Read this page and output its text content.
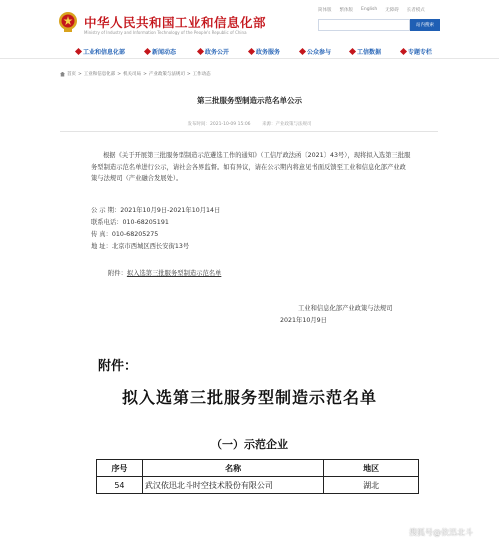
中华人民共和国工业和信息化部
Ministry of Industry and Information Technology of the People's Republic of China
简体版 繁体版 English 无障碍 长者模式
站内搜索
工业和信息化部	新闻动态	政务公开	政务服务	公众参与	工信数据	专题专栏
首页 > 工业和信息化部 > 机关司局 > 产业政策与法规司 > 工作动态
第三批服务型制造示范名单公示
发布时间：2021-10-09 15:06	来源：产业政策与法规司
根据《关于开展第三批服务型制造示范遴选工作的通知》（工信厅政法函〔2021〕43号），现将拟入选第三批服务型制造示范名单进行公示，请社会各界监督。如有异议，请在公示期内将意见书面反馈至工业和信息化部产业政策与法规司（产业融合发展处）。
公 示 期：2021年10月9日-2021年10月14日
联系电话：010-68205191
传 真：010-68205275
地 址：北京市西城区西长安街13号
附件：拟入选第三批服务型制造示范名单
工业和信息化部产业政策与法规司
2021年10月9日
附件：
拟入选第三批服务型制造示范名单
（一）示范企业
序号	名称	地区
54	武汉依迅北斗时空技术股份有限公司	湖北
搜狐号@依迅北斗
